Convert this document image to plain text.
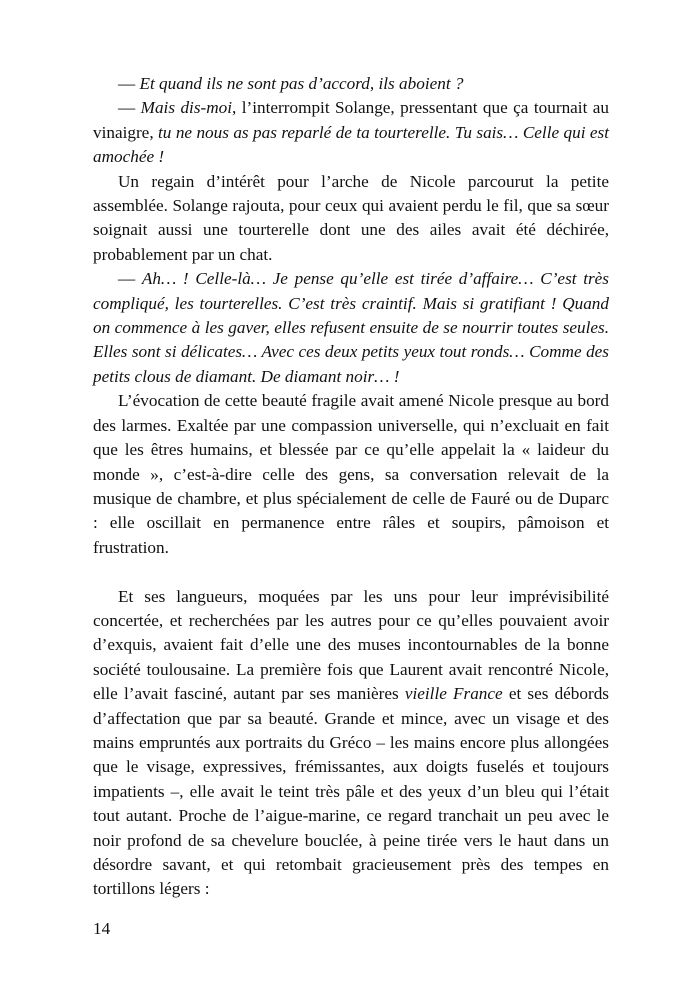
— Et quand ils ne sont pas d’accord, ils aboient ?

— Mais dis-moi, l’interrompit Solange, pressentant que ça tournait au vinaigre, tu ne nous as pas reparlé de ta tourterelle. Tu sais… Celle qui est amochée !

Un regain d’intérêt pour l’arche de Nicole parcourut la petite assemblée. Solange rajouta, pour ceux qui avaient perdu le fil, que sa sœur soignait aussi une tourterelle dont une des ailes avait été déchirée, probablement par un chat.

— Ah… ! Celle-là… Je pense qu’elle est tirée d’affaire… C’est très compliqué, les tourterelles. C’est très craintif. Mais si gratifiant ! Quand on commence à les gaver, elles refusent ensuite de se nourrir toutes seules. Elles sont si délicates… Avec ces deux petits yeux tout ronds… Comme des petits clous de diamant. De diamant noir… !

L’évocation de cette beauté fragile avait amené Nicole presque au bord des larmes. Exaltée par une compassion universelle, qui n’excluait en fait que les êtres humains, et blessée par ce qu’elle appelait la « laideur du monde », c’est-à-dire celle des gens, sa conversation relevait de la musique de chambre, et plus spécialement de celle de Fauré ou de Duparc : elle oscillait en permanence entre râles et soupirs, pâmoison et frustration.

Et ses langueurs, moquées par les uns pour leur imprévisibilité concertée, et recherchées par les autres pour ce qu’elles pouvaient avoir d’exquis, avaient fait d’elle une des muses incontournables de la bonne société toulousaine. La première fois que Laurent avait rencontré Nicole, elle l’avait fasciné, autant par ses manières vieille France et ses débords d’affectation que par sa beauté. Grande et mince, avec un visage et des mains empruntés aux portraits du Gréco – les mains encore plus allongées que le visage, expressives, frémissantes, aux doigts fuselés et toujours impatients –, elle avait le teint très pâle et des yeux d’un bleu qui l’était tout autant. Proche de l’aigue-marine, ce regard tranchait un peu avec le noir profond de sa chevelure bouclée, à peine tirée vers le haut dans un désordre savant, et qui retombait gracieusement près des tempes en tortillons légers :

14
